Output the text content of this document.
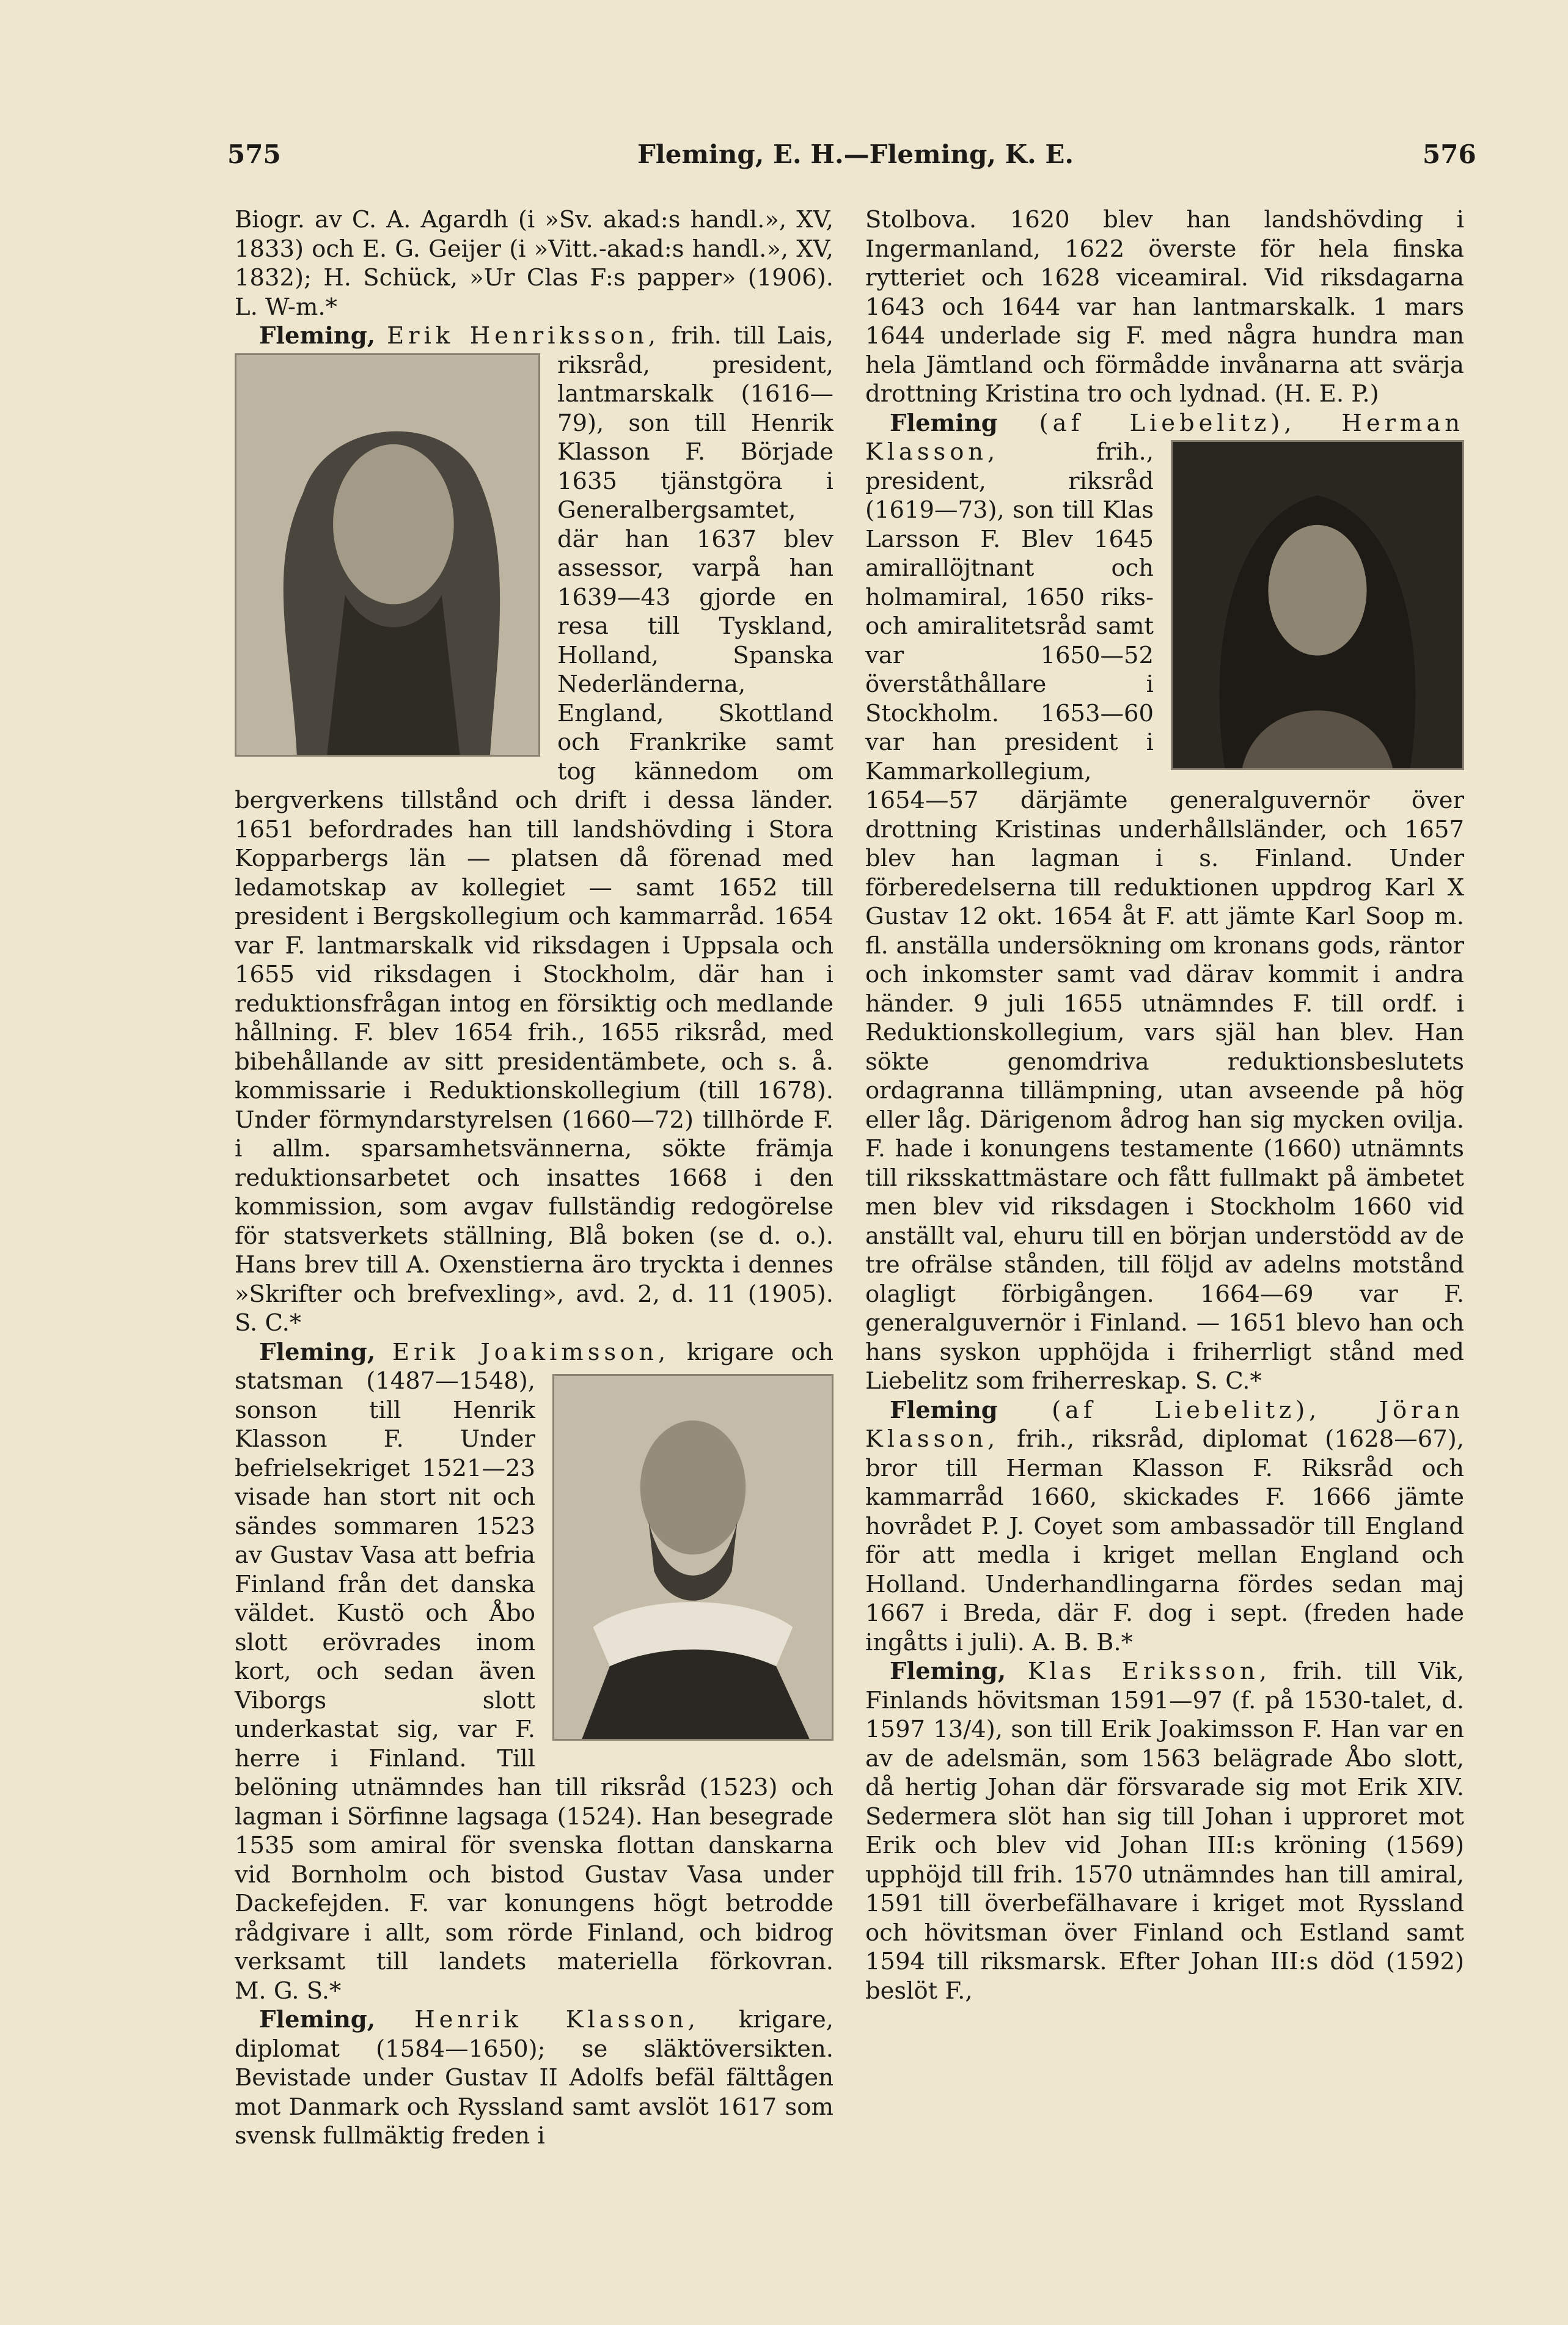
575	Fleming, E. H.—Fleming, K. E.	576

Biogr. av C. A. Agardh (i »Sv. akad:s handl.», XV, 1833) och E. G. Geijer (i »Vitt.-akad:s handl.», XV, 1832); H. Schück, »Ur Clas F:s papper» (1906). L. W-m.*

Fleming, Erik Henriksson, frih. till Lais, riksråd, president, lantmarskalk (1616—79), son till Henrik Klasson F. Började 1635 tjänstgöra i Generalbergsamtet, där han 1637 blev assessor, varpå han 1639—43 gjorde en resa till Tyskland, Holland, Spanska Nederländerna, England, Skottland och Frankrike samt tog kännedom om bergverkens tillstånd och drift i dessa länder. 1651 befordrades han till landshövding i Stora Kopparbergs län — platsen då förenad med ledamotskap av kollegiet — samt 1652 till president i Bergskollegium och kammarråd. 1654 var F. lantmarskalk vid riksdagen i Uppsala och 1655 vid riksdagen i Stockholm, där han i reduktionsfrågan intog en försiktig och medlande hållning. F. blev 1654 frih., 1655 riksråd, med bibehållande av sitt presidentämbete, och s. å. kommissarie i Reduktionskollegium (till 1678). Under förmyndarstyrelsen (1660—72) tillhörde F. i allm. sparsamhetsvännerna, sökte främja reduktionsarbetet och insattes 1668 i den kommission, som avgav fullständig redogörelse för statsverkets ställning, Blå boken (se d. o.). Hans brev till A. Oxenstierna äro tryckta i dennes »Skrifter och brefvexling», avd. 2, d. 11 (1905). S. C.*

Fleming, Erik Joakimsson, krigare och statsman (1487—1548), sonson till Henrik Klasson F. Under befrielsekriget 1521—23 visade han stort nit och sändes sommaren 1523 av Gustav Vasa att befria Finland från det danska väldet. Kustö och Åbo slott erövrades inom kort, och sedan även Viborgs slott underkastat sig, var F. herre i Finland. Till belöning utnämndes han till riksråd (1523) och lagman i Sörfinne lagsaga (1524). Han besegrade 1535 som amiral för svenska flottan danskarna vid Bornholm och bistod Gustav Vasa under Dackefejden. F. var konungens högt betrodde rådgivare i allt, som rörde Finland, och bidrog verksamt till landets materiella förkovran. M. G. S.*

Fleming, Henrik Klasson, krigare, diplomat (1584—1650); se släktöversikten. Bevistade under Gustav II Adolfs befäl fälttågen mot Danmark och Ryssland samt avslöt 1617 som svensk fullmäktig freden i

Stolbova. 1620 blev han landshövding i Ingermanland, 1622 överste för hela finska rytteriet och 1628 viceamiral. Vid riksdagarna 1643 och 1644 var han lantmarskalk. 1 mars 1644 underlade sig F. med några hundra man hela Jämtland och förmådde invånarna att svärja drottning Kristina tro och lydnad. (H. E. P.)

Fleming (af Liebelitz), Herman Klasson,	frih., president, riksråd (1619—73), son till Klas Larsson F. Blev 1645 amirallöjtnant och holmamiral, 1650 riks- och amiralitetsråd samt var 1650—52 överståthållare i Stockholm. 1653—60 var han president i Kammarkollegium, 1654—57 därjämte generalguvernör över drottning Kristinas underhållsländer, och 1657 blev han lagman i s. Finland. Under förberedelserna till reduktionen uppdrog Karl X Gustav 12 okt. 1654 åt F. att jämte Karl Soop m. fl. anställa undersökning om kronans gods, räntor och inkomster samt vad därav kommit i andra händer. 9 juli 1655 utnämndes F. till ordf. i Reduktionskollegium, vars själ han blev. Han sökte genomdriva reduktionsbeslutets ordagranna tillämpning, utan avseende på hög eller låg. Därigenom ådrog han sig mycken ovilja. F. hade i konungens testamente (1660) utnämnts till riksskattmästare och fått fullmakt på ämbetet men blev vid riksdagen i Stockholm 1660 vid anställt val, ehuru till en början understödd av de tre ofrälse stånden, till följd av adelns motstånd olagligt förbigången. 1664—69 var F. generalguvernör i Finland. — 1651 blevo han och hans syskon upphöjda i friherrligt stånd med Liebelitz som friherreskap. S. C.*

Fleming (af Liebelitz), Jöran Klasson, frih., riksråd, diplomat (1628—67), bror till Herman Klasson F. Riksråd och kammarråd 1660, skickades F. 1666 jämte hovrådet P. J. Coyet som ambassadör till England för att medla i kriget mellan England och Holland. Underhandlingarna fördes sedan maj 1667 i Breda, där F. dog i sept. (freden hade ingåtts i juli). A. B. B.*

Fleming, Klas Eriksson, frih. till Vik, Finlands hövitsman 1591—97 (f. på 1530-talet, d. 1597 13/4), son till Erik Joakimsson F. Han var en av de adelsmän, som 1563 belägrade Åbo slott, då hertig Johan där försvarade sig mot Erik XIV. Sedermera slöt han sig till Johan i upproret mot Erik och blev vid Johan III:s kröning (1569) upphöjd till frih. 1570 utnämndes han till amiral, 1591 till överbefälhavare i kriget mot Ryssland och hövitsman över Finland och Estland samt 1594 till riksmarsk. Efter Johan III:s död (1592) beslöt F.,
